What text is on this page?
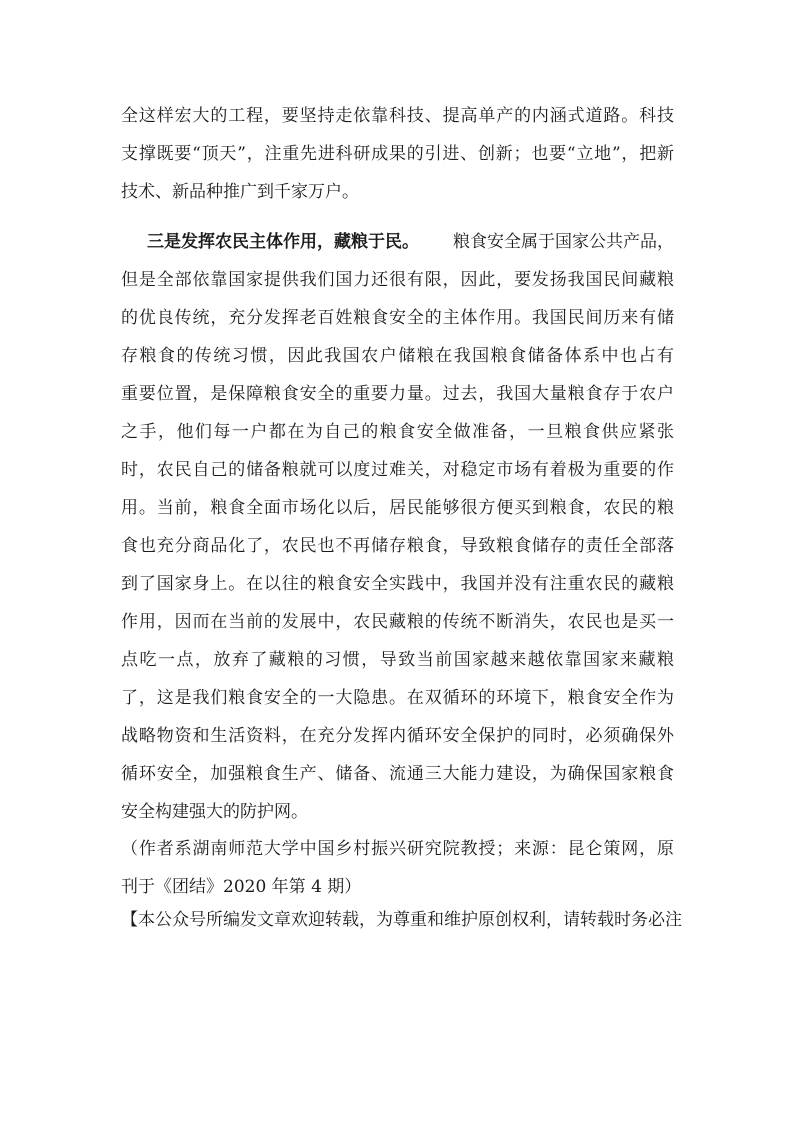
全这样宏大的工程，要坚持走依靠科技、提高单产的内涵式道路。科技
支撑既要“顶天”，注重先进科研成果的引进、创新；也要“立地”，把新
技术、新品种推广到千家万户。
三是发挥农民主体作用，藏粮于民。 粮食安全属于国家公共产品，
但是全部依靠国家提供我们国力还很有限，因此，要发扬我国民间藏粮
的优良传统，充分发挥老百姓粮食安全的主体作用。我国民间历来有储
存粮食的传统习惯，因此我国农户储粮在我国粮食储备体系中也占有
重要位置，是保障粮食安全的重要力量。过去，我国大量粮食存于农户
之手，他们每一户都在为自己的粮食安全做准备，一旦粮食供应紧张
时，农民自己的储备粮就可以度过难关，对稳定市场有着极为重要的作
用。当前，粮食全面市场化以后，居民能够很方便买到粮食，农民的粮
食也充分商品化了，农民也不再储存粮食，导致粮食储存的责任全部落
到了国家身上。在以往的粮食安全实践中，我国并没有注重农民的藏粮
作用，因而在当前的发展中，农民藏粮的传统不断消失，农民也是买一
点吃一点，放弃了藏粮的习惯，导致当前国家越来越依靠国家来藏粮
了，这是我们粮食安全的一大隐患。在双循环的环境下，粮食安全作为
战略物资和生活资料，在充分发挥内循环安全保护的同时，必须确保外
循环安全，加强粮食生产、储备、流通三大能力建设，为确保国家粮食
安全构建强大的防护网。
（作者系湖南师范大学中国乡村振兴研究院教授；来源：昆仑策网，原
刊于《团结》2020 年第 4 期）
【本公众号所编发文章欢迎转载，为尊重和维护原创权利，请转载时务必注
